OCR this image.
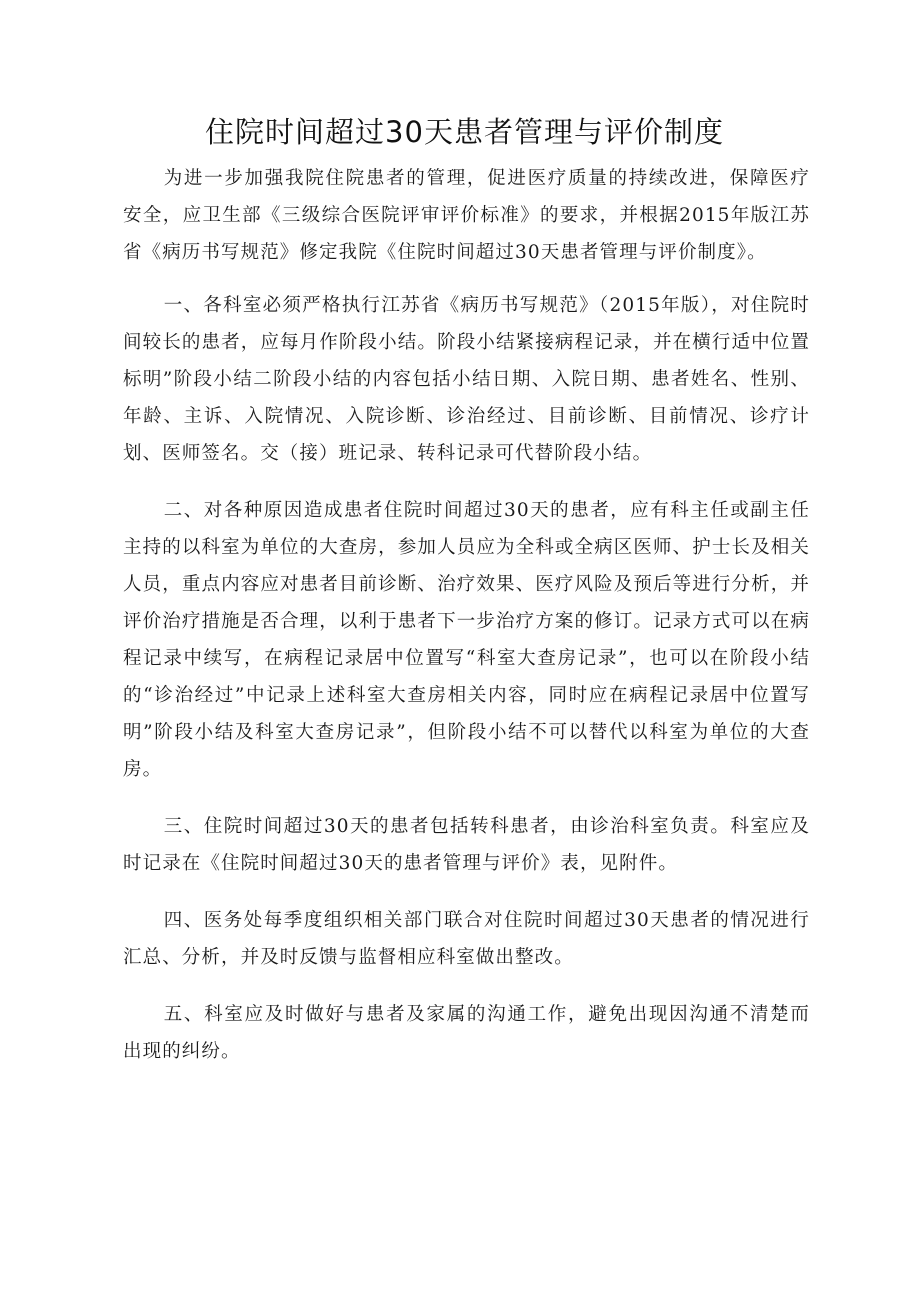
住院时间超过30天患者管理与评价制度

为进一步加强我院住院患者的管理，促进医疗质量的持续改进，保障医疗安全，应卫生部《三级综合医院评审评价标准》的要求，并根据2015年版江苏省《病历书写规范》修定我院《住院时间超过30天患者管理与评价制度》。

一、各科室必须严格执行江苏省《病历书写规范》（2015年版），对住院时间较长的患者，应每月作阶段小结。阶段小结紧接病程记录，并在横行适中位置标明”阶段小结二阶段小结的内容包括小结日期、入院日期、患者姓名、性别、年龄、主诉、入院情况、入院诊断、诊治经过、目前诊断、目前情况、诊疗计划、医师签名。交（接）班记录、转科记录可代替阶段小结。

二、对各种原因造成患者住院时间超过30天的患者，应有科主任或副主任主持的以科室为单位的大查房，参加人员应为全科或全病区医师、护士长及相关人员，重点内容应对患者目前诊断、治疗效果、医疗风险及预后等进行分析，并评价治疗措施是否合理，以利于患者下一步治疗方案的修订。记录方式可以在病程记录中续写，在病程记录居中位置写“科室大查房记录”，也可以在阶段小结的“诊治经过”中记录上述科室大查房相关内容，同时应在病程记录居中位置写明”阶段小结及科室大查房记录”，但阶段小结不可以替代以科室为单位的大查房。

三、住院时间超过30天的患者包括转科患者，由诊治科室负责。科室应及时记录在《住院时间超过30天的患者管理与评价》表，见附件。

四、医务处每季度组织相关部门联合对住院时间超过30天患者的情况进行汇总、分析，并及时反馈与监督相应科室做出整改。

五、科室应及时做好与患者及家属的沟通工作，避免出现因沟通不清楚而出现的纠纷。
